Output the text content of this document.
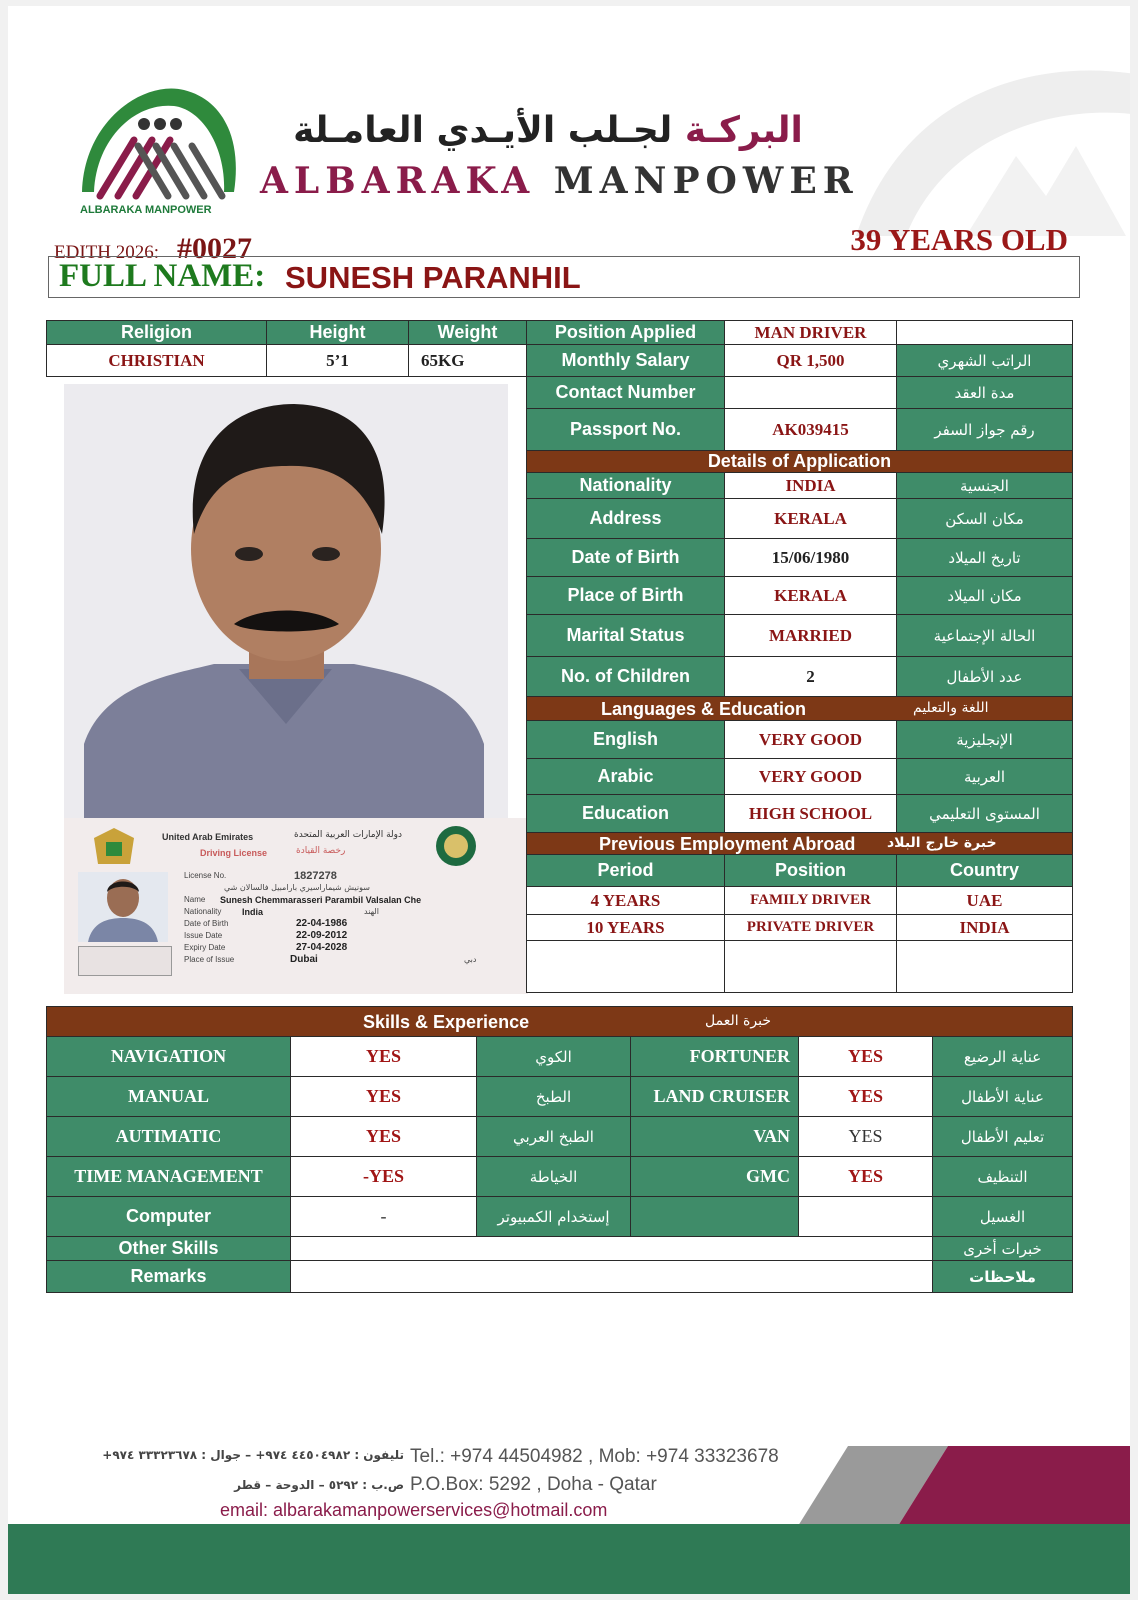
ALBARAKA MANPOWER
البركـة لجـلب الأيـدي العامـلة
ALBARAKA MANPOWER
EDITH 2026: #0027	39 YEARS OLD
FULL NAME: SUNESH PARANHIL
Religion	Height	Weight
CHRISTIAN	5’1	65KG
United Arab Emirates	دولة الإمارات العربية المتحدة
Driving License	رخصة القيادة
License No.	1827278
سونيش شيماراسيري بارامبيل فالسالان شي
Name Sunesh Chemmarasseri Parambil Valsalan Che
Nationality India	الهند
Date of Birth	22-04-1986
Issue Date	22-09-2012
Expiry Date	27-04-2028
Place of Issue	Dubai	دبي
Position Applied	MAN DRIVER	
Monthly Salary	QR 1,500	الراتب الشهري
Contact Number		مدة العقد
Passport No.	AK039415	رقم جواز السفر
Details of Application		
Nationality	INDIA	الجنسية
Address	KERALA	مكان السكن
Date of Birth	15/06/1980	تاريخ الميلاد
Place of Birth	KERALA	مكان الميلاد
Marital Status	MARRIED	الحالة الإجتماعية
No. of Children	2	عدد الأطفال

Languages & Education اللغة والتعليم		

English	VERY GOOD	الإنجليزية
Arabic	VERY GOOD	العربية
Education	HIGH SCHOOL	المستوى التعليمي

Previous Employment Abroad خبرة خارج البلاد		

Period	Position	Country
4 YEARS	FAMILY DRIVER	UAE
10 YEARS	PRIVATE DRIVER	INDIA

Skills & Experience خبرة العمل					

NAVIGATION	YES	الكوي	FORTUNER	YES	عناية الرضيع
MANUAL	YES	الطبخ	LAND CRUISER	YES	عناية الأطفال
AUTIMATIC	YES	الطبخ العربي	VAN	YES	تعليم الأطفال
TIME MANAGEMENT	-YES	الخياطة	GMC	YES	التنظيف
Computer	-	إستخدام الكمبيوتر			الغسيل
Other Skills					خبرات أخرى
Remarks					ملاحظات
تليفون : ٤٤٥٠٤٩٨٢ ٩٧٤+ – جوال : ٣٣٣٢٣٦٧٨ ٩٧٤+ Tel.: +974 44504982 , Mob: +974 33323678
ص.ب : ٥٢٩٢ – الدوحة – قطر P.O.Box: 5292 , Doha - Qatar
email: albarakamanpowerservices@hotmail.com
